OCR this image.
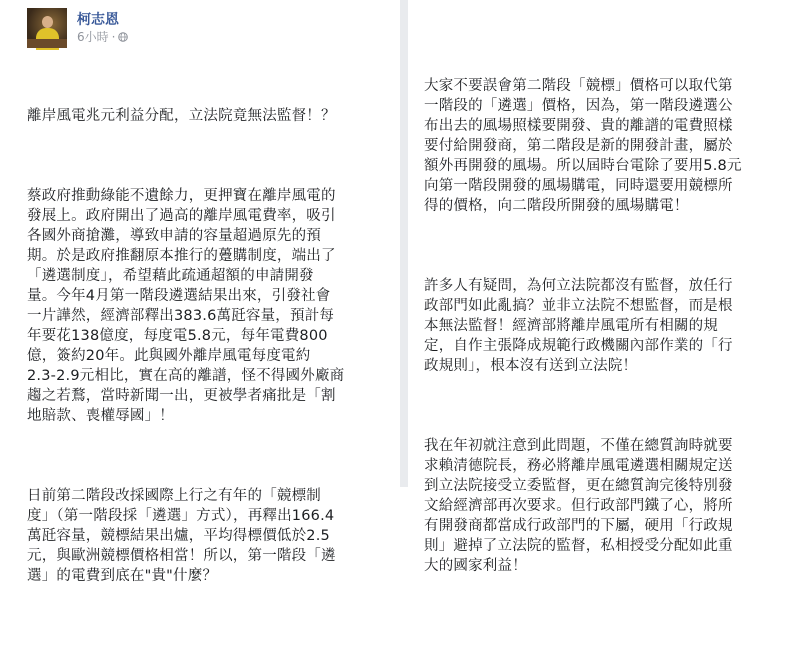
柯志恩
6小時 ·

離岸風電兆元利益分配，立法院竟無法監督！？

蔡政府推動綠能不遺餘力，更押寶在離岸風電的
發展上。政府開出了過高的離岸風電費率，吸引
各國外商搶灘，導致申請的容量超過原先的預
期。於是政府推翻原本推行的躉購制度，端出了
「遴選制度」，希望藉此疏通超額的申請開發
量。今年4月第一階段遴選結果出來，引發社會
一片譁然，經濟部釋出383.6萬瓩容量，預計每
年要花138億度，每度電5.8元，每年電費800
億，簽約20年。此與國外離岸風電每度電約
2.3-2.9元相比，實在高的離譜，怪不得國外廠商
趨之若鶩，當時新聞一出，更被學者痛批是「割
地賠款、喪權辱國」！

日前第二階段改採國際上行之有年的「競標制
度」（第一階段採「遴選」方式），再釋出166.4
萬瓩容量，競標結果出爐，平均得標價低於2.5
元，與歐洲競標價格相當！所以，第一階段「遴
選」的電費到底在"貴"什麼？

大家不要誤會第二階段「競標」價格可以取代第
一階段的「遴選」價格，因為，第一階段遴選公
布出去的風場照樣要開發、貴的離譜的電費照樣
要付給開發商，第二階段是新的開發計畫，屬於
額外再開發的風場。所以屆時台電除了要用5.8元
向第一階段開發的風場購電，同時還要用競標所
得的價格，向二階段所開發的風場購電！

許多人有疑問，為何立法院都沒有監督，放任行
政部門如此亂搞？並非立法院不想監督，而是根
本無法監督！經濟部將離岸風電所有相關的規
定，自作主張降成規範行政機關內部作業的「行
政規則」，根本沒有送到立法院！

我在年初就注意到此問題，不僅在總質詢時就要
求賴清德院長，務必將離岸風電遴選相關規定送
到立法院接受立委監督，更在總質詢完後特別發
文給經濟部再次要求。但行政部門鐵了心，將所
有開發商都當成行政部門的下屬，硬用「行政規
則」避掉了立法院的監督，私相授受分配如此重
大的國家利益！
